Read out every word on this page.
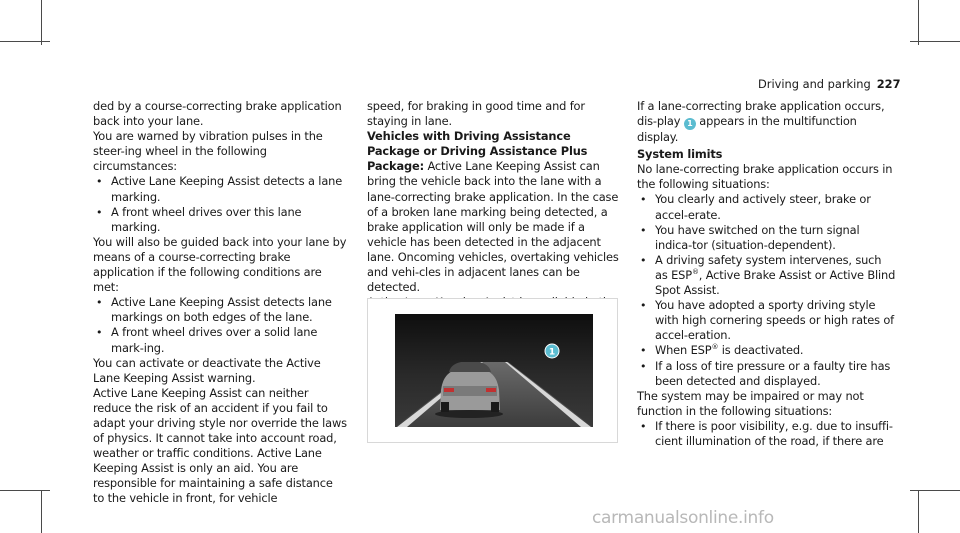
Driving and parking 227

ded by a course-correcting brake application back into your lane.

You are warned by vibration pulses in the steer-ing wheel in the following circumstances:

• Active Lane Keeping Assist detects a lane marking.

• A front wheel drives over this lane marking.

You will also be guided back into your lane by means of a course-correcting brake application if the following conditions are met:

• Active Lane Keeping Assist detects lane markings on both edges of the lane.

• A front wheel drives over a solid lane mark-ing.

You can activate or deactivate the Active Lane Keeping Assist warning.

Active Lane Keeping Assist can neither reduce the risk of an accident if you fail to adapt your driving style nor override the laws of physics. It cannot take into account road, weather or traffic conditions. Active Lane Keeping Assist is only an aid. You are responsible for maintaining a safe distance to the vehicle in front, for vehicle

speed, for braking in good time and for staying in lane.

Vehicles with Driving Assistance Package or Driving Assistance Plus Package: Active Lane Keeping Assist can bring the vehicle back into the lane with a lane-correcting brake application. In the case of a broken lane marking being detected, a brake application will only be made if a vehicle has been detected in the adjacent lane. Oncoming vehicles, overtaking vehicles and vehi-cles in adjacent lanes can be detected.

1

If a lane-correcting brake application occurs, dis-play 1 appears in the multifunction display.

System limits

No lane-correcting brake application occurs in the following situations:

• You clearly and actively steer, brake or accel-erate.

• You have switched on the turn signal indica-tor (situation-dependent).

• A driving safety system intervenes, such as ESP®, Active Brake Assist or Active Blind Spot Assist.

• You have adopted a sporty driving style with high cornering speeds or high rates of accel-eration.

• When ESP® is deactivated.

• If a loss of tire pressure or a faulty tire has been detected and displayed.

The system may be impaired or may not function in the following situations:

• If there is poor visibility, e.g. due to insuffi-cient illumination of the road, if there are

carmanualsonline.info
